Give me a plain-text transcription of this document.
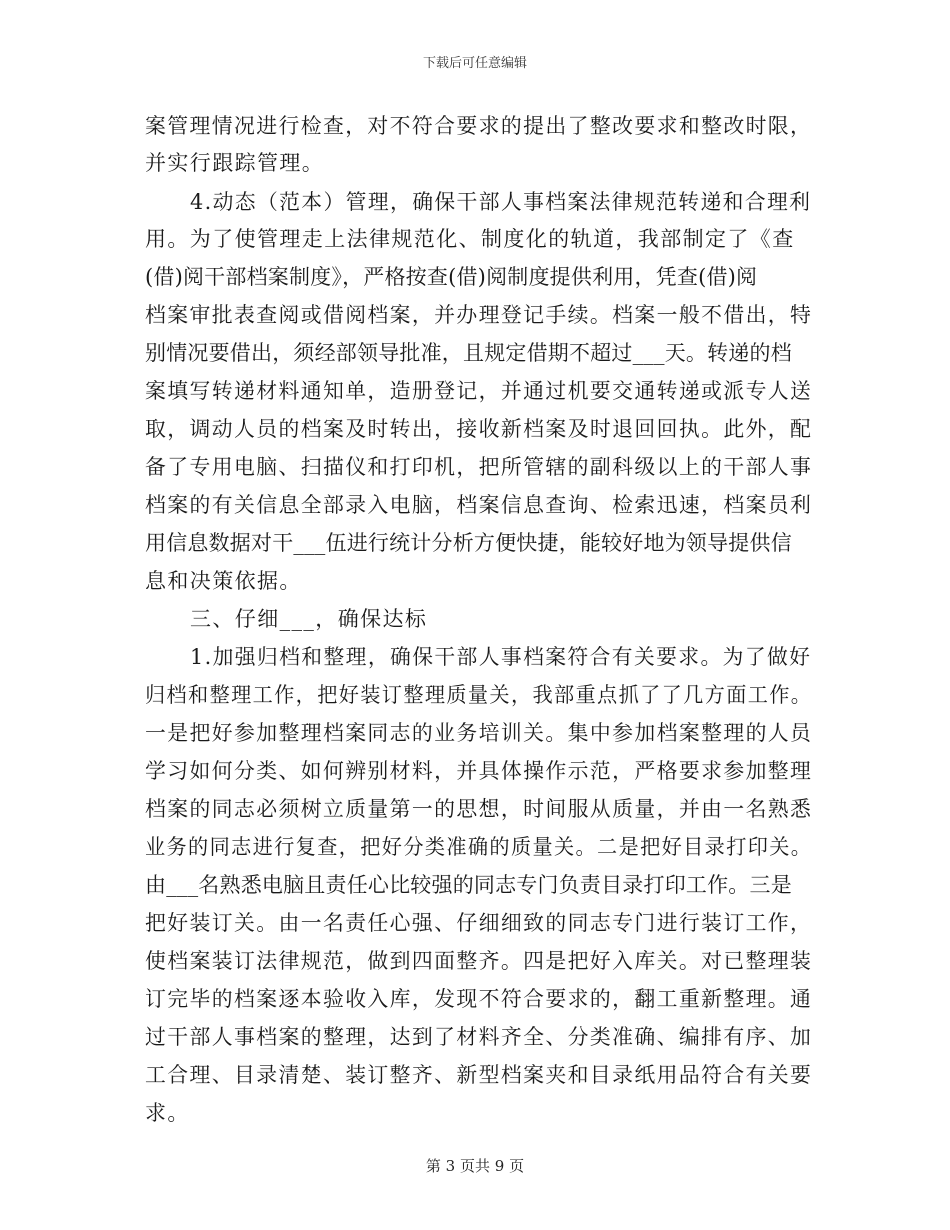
下载后可任意编辑
案管理情况进行检查，对不符合要求的提出了整改要求和整改时限，
并实行跟踪管理。
4.动态（范本）管理，确保干部人事档案法律规范转递和合理利
用。为了使管理走上法律规范化、制度化的轨道，我部制定了《查
(借)阅干部档案制度》，严格按查(借)阅制度提供利用，凭查(借)阅
档案审批表查阅或借阅档案，并办理登记手续。档案一般不借出，特
别情况要借出，须经部领导批准，且规定借期不超过___天。转递的档
案填写转递材料通知单，造册登记，并通过机要交通转递或派专人送
取，调动人员的档案及时转出，接收新档案及时退回回执。此外，配
备了专用电脑、扫描仪和打印机，把所管辖的副科级以上的干部人事
档案的有关信息全部录入电脑，档案信息查询、检索迅速，档案员利
用信息数据对干___伍进行统计分析方便快捷，能较好地为领导提供信
息和决策依据。
三、仔细___，确保达标
1.加强归档和整理，确保干部人事档案符合有关要求。为了做好
归档和整理工作，把好装订整理质量关，我部重点抓了了几方面工作。
一是把好参加整理档案同志的业务培训关。集中参加档案整理的人员
学习如何分类、如何辨别材料，并具体操作示范，严格要求参加整理
档案的同志必须树立质量第一的思想，时间服从质量，并由一名熟悉
业务的同志进行复查，把好分类准确的质量关。二是把好目录打印关。
由___名熟悉电脑且责任心比较强的同志专门负责目录打印工作。三是
把好装订关。由一名责任心强、仔细细致的同志专门进行装订工作，
使档案装订法律规范，做到四面整齐。四是把好入库关。对已整理装
订完毕的档案逐本验收入库，发现不符合要求的，翻工重新整理。通
过干部人事档案的整理，达到了材料齐全、分类准确、编排有序、加
工合理、目录清楚、装订整齐、新型档案夹和目录纸用品符合有关要
求。
第 3 页共 9 页
